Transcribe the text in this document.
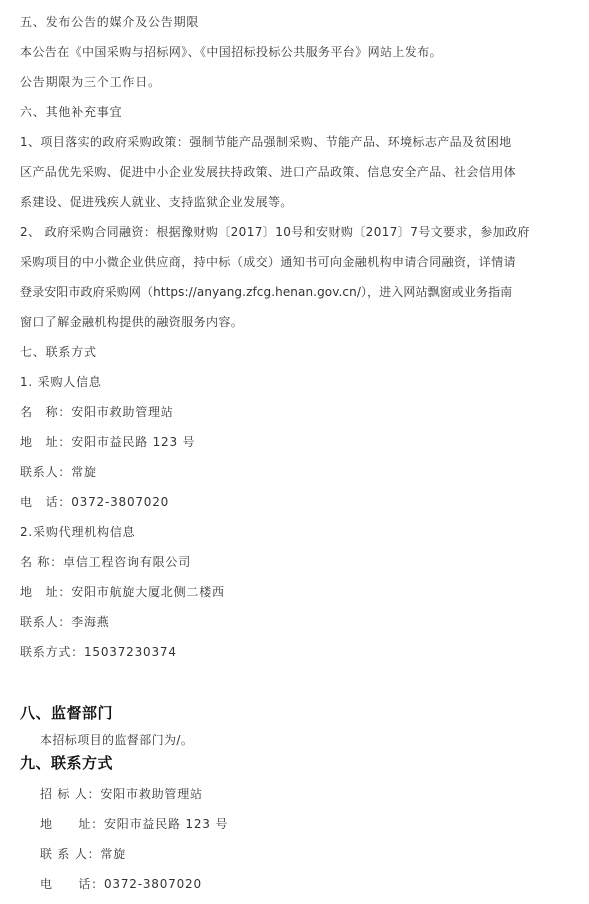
五、发布公告的媒介及公告期限
本公告在《中国采购与招标网》、《中国招标投标公共服务平台》网站上发布。
公告期限为三个工作日。
六、其他补充事宜
1、项目落实的政府采购政策：强制节能产品强制采购、节能产品、环境标志产品及贫困地
区产品优先采购、促进中小企业发展扶持政策、进口产品政策、信息安全产品、社会信用体
系建设、促进残疾人就业、支持监狱企业发展等。
2、 政府采购合同融资：根据豫财购〔2017〕10号和安财购〔2017〕7号文要求，参加政府
采购项目的中小微企业供应商，持中标（成交）通知书可向金融机构申请合同融资，详情请
登录安阳市政府采购网（https://anyang.zfcg.henan.gov.cn/），进入网站飘窗或业务指南
窗口了解金融机构提供的融资服务内容。
七、联系方式
1. 采购人信息
名　称：安阳市救助管理站
地　址：安阳市益民路 123 号
联系人：常旋
电　话：0372-3807020
2.采购代理机构信息
名 称：卓信工程咨询有限公司
地　址：安阳市航旋大厦北侧二楼西
联系人：李海燕
联系方式：15037230374
八、监督部门
本招标项目的监督部门为/。
九、联系方式
招 标 人：安阳市救助管理站
地　　址：安阳市益民路 123 号
联 系 人：常旋
电　　话：0372-3807020
